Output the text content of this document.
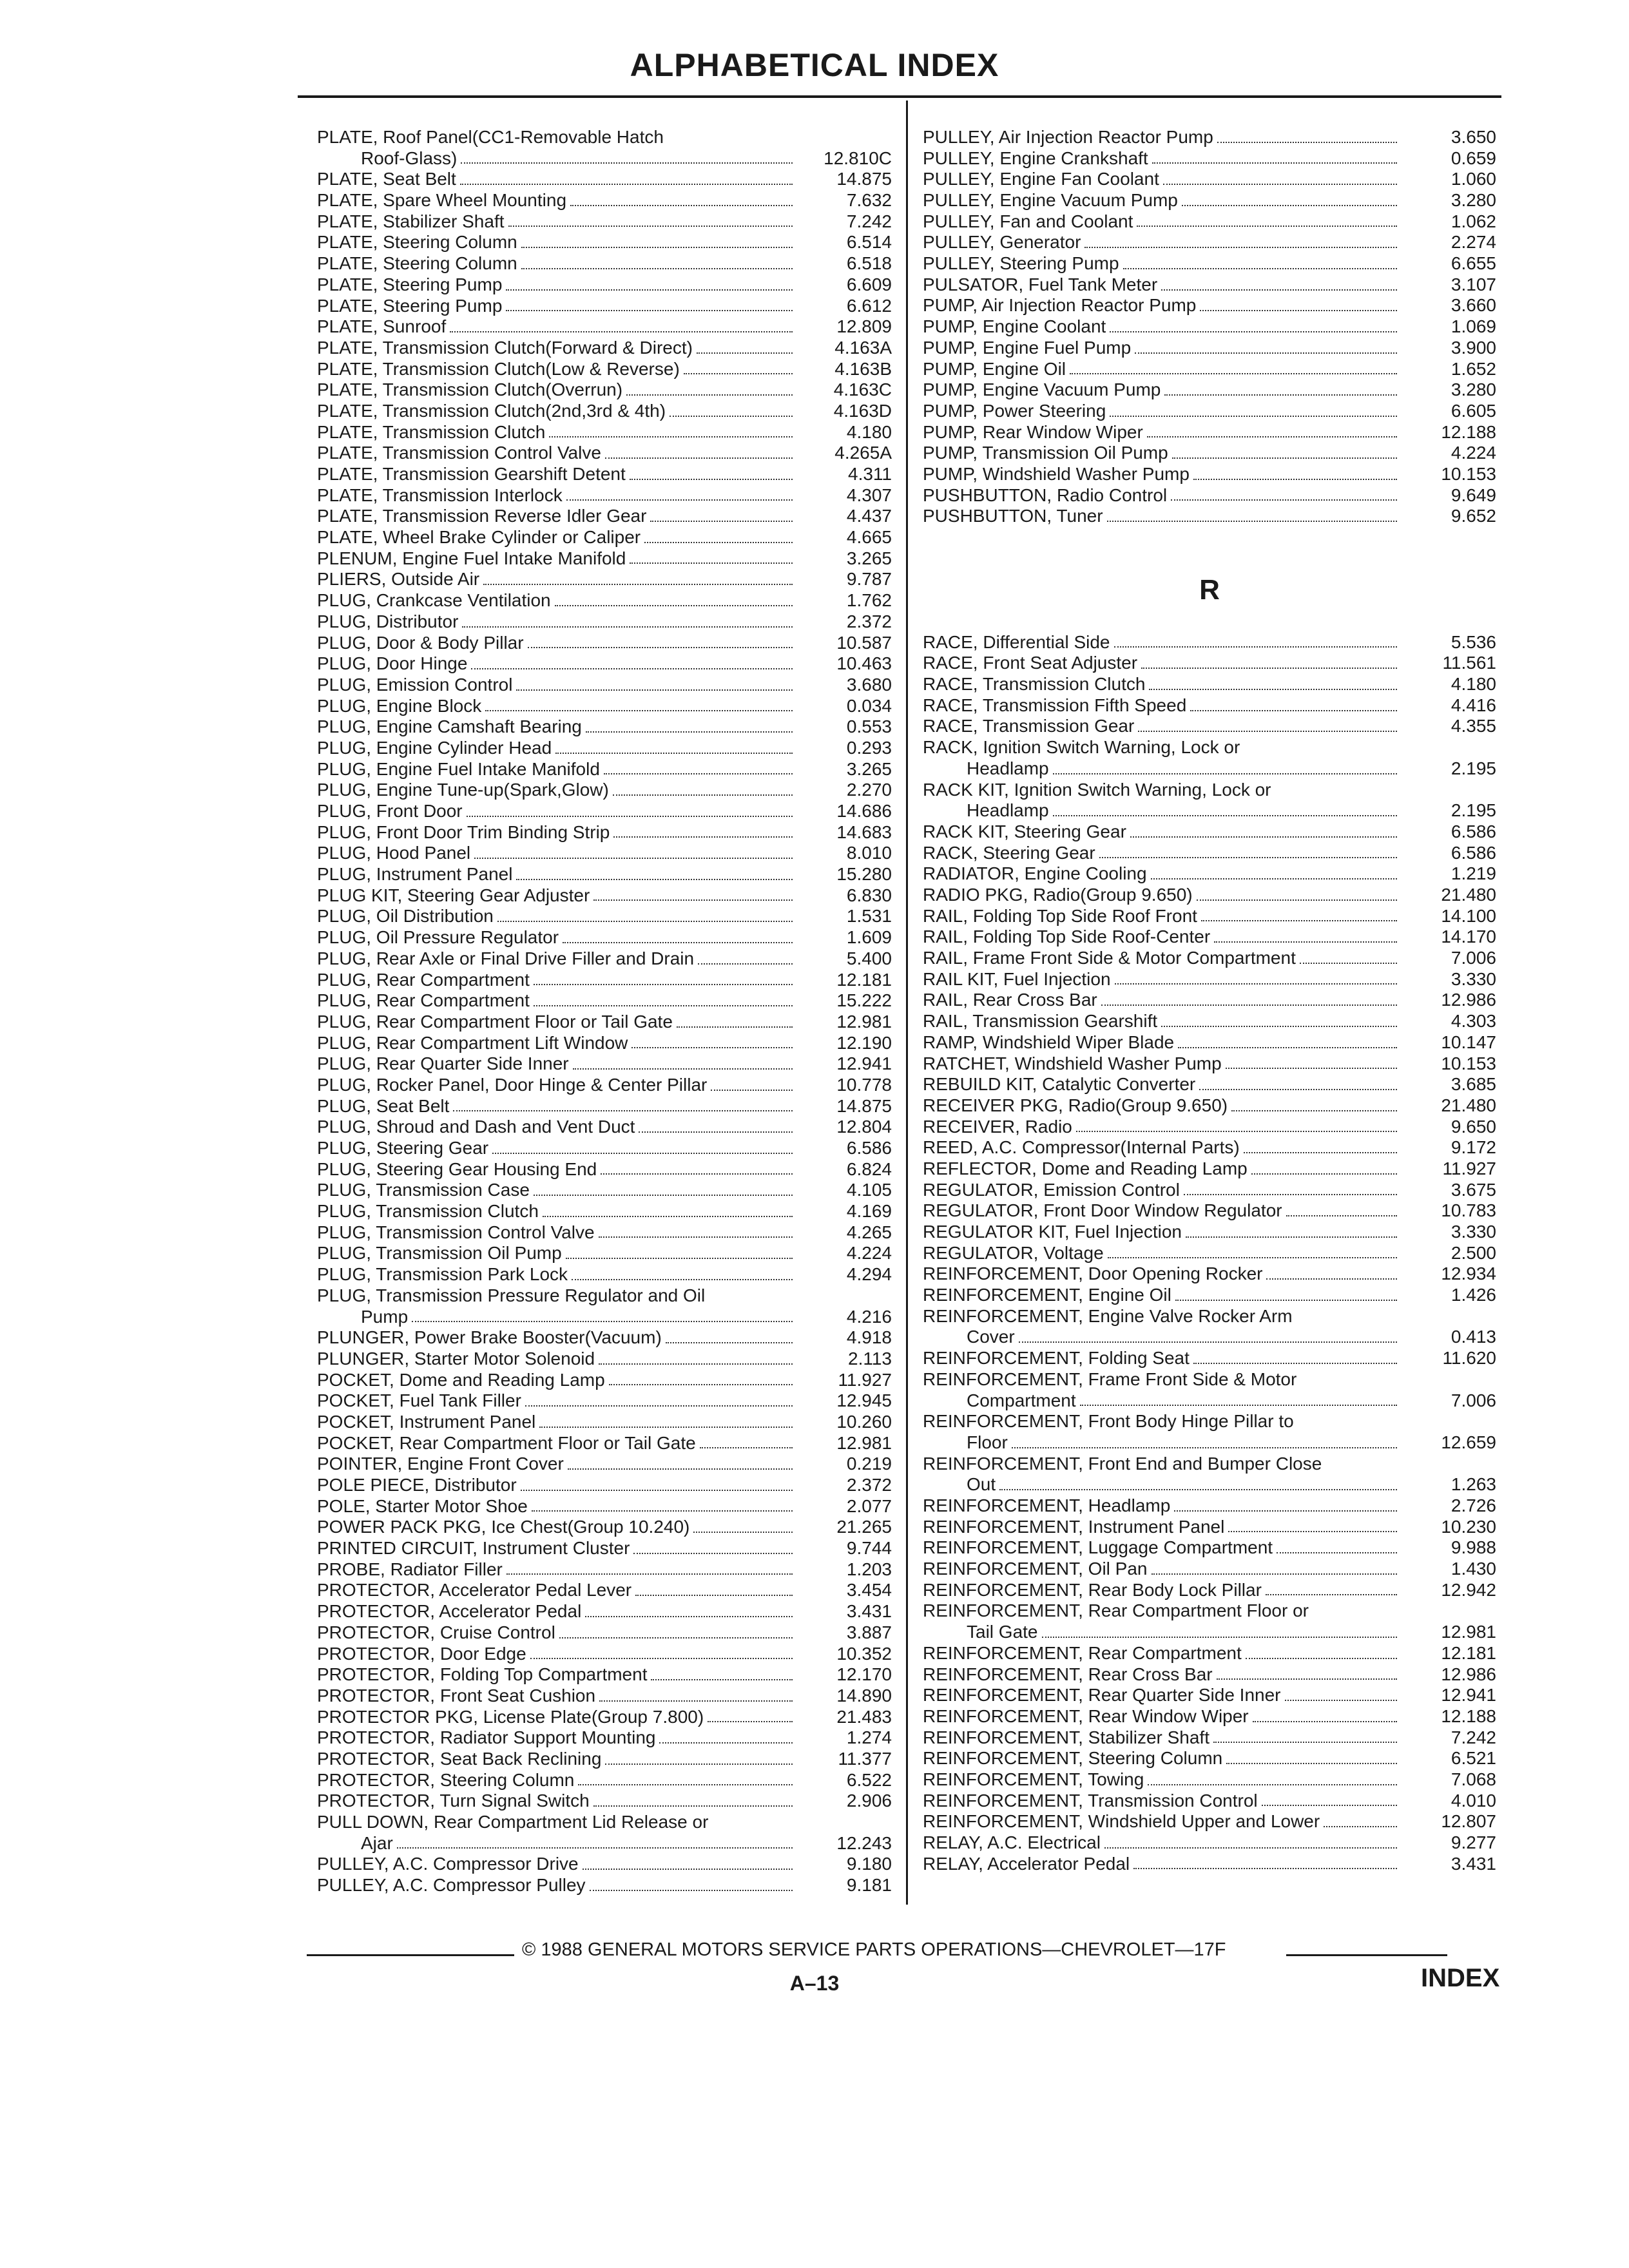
ALPHABETICAL INDEX
PLATE, Roof Panel(CC1-Removable Hatch
Roof-Glass)	12.810C
PLATE, Seat Belt	14.875
PLATE, Spare Wheel Mounting	7.632
PLATE, Stabilizer Shaft	7.242
PLATE, Steering Column	6.514
PLATE, Steering Column	6.518
PLATE, Steering Pump	6.609
PLATE, Steering Pump	6.612
PLATE, Sunroof	12.809
PLATE, Transmission Clutch(Forward & Direct)	4.163A
PLATE, Transmission Clutch(Low & Reverse)	4.163B
PLATE, Transmission Clutch(Overrun)	4.163C
PLATE, Transmission Clutch(2nd,3rd & 4th)	4.163D
PLATE, Transmission Clutch	4.180
PLATE, Transmission Control Valve	4.265A
PLATE, Transmission Gearshift Detent	4.311
PLATE, Transmission Interlock	4.307
PLATE, Transmission Reverse Idler Gear	4.437
PLATE, Wheel Brake Cylinder or Caliper	4.665
PLENUM, Engine Fuel Intake Manifold	3.265
PLIERS, Outside Air	9.787
PLUG, Crankcase Ventilation	1.762
PLUG, Distributor	2.372
PLUG, Door & Body Pillar	10.587
PLUG, Door Hinge	10.463
PLUG, Emission Control	3.680
PLUG, Engine Block	0.034
PLUG, Engine Camshaft Bearing	0.553
PLUG, Engine Cylinder Head	0.293
PLUG, Engine Fuel Intake Manifold	3.265
PLUG, Engine Tune-up(Spark,Glow)	2.270
PLUG, Front Door	14.686
PLUG, Front Door Trim Binding Strip	14.683
PLUG, Hood Panel	8.010
PLUG, Instrument Panel	15.280
PLUG KIT, Steering Gear Adjuster	6.830
PLUG, Oil Distribution	1.531
PLUG, Oil Pressure Regulator	1.609
PLUG, Rear Axle or Final Drive Filler and Drain	5.400
PLUG, Rear Compartment	12.181
PLUG, Rear Compartment	15.222
PLUG, Rear Compartment Floor or Tail Gate	12.981
PLUG, Rear Compartment Lift Window	12.190
PLUG, Rear Quarter Side Inner	12.941
PLUG, Rocker Panel, Door Hinge & Center Pillar	10.778
PLUG, Seat Belt	14.875
PLUG, Shroud and Dash and Vent Duct	12.804
PLUG, Steering Gear	6.586
PLUG, Steering Gear Housing End	6.824
PLUG, Transmission Case	4.105
PLUG, Transmission Clutch	4.169
PLUG, Transmission Control Valve	4.265
PLUG, Transmission Oil Pump	4.224
PLUG, Transmission Park Lock	4.294
PLUG, Transmission Pressure Regulator and Oil
Pump	4.216
PLUNGER, Power Brake Booster(Vacuum)	4.918
PLUNGER, Starter Motor Solenoid	2.113
POCKET, Dome and Reading Lamp	11.927
POCKET, Fuel Tank Filler	12.945
POCKET, Instrument Panel	10.260
POCKET, Rear Compartment Floor or Tail Gate	12.981
POINTER, Engine Front Cover	0.219
POLE PIECE, Distributor	2.372
POLE, Starter Motor Shoe	2.077
POWER PACK PKG, Ice Chest(Group 10.240)	21.265
PRINTED CIRCUIT, Instrument Cluster	9.744
PROBE, Radiator Filler	1.203
PROTECTOR, Accelerator Pedal Lever	3.454
PROTECTOR, Accelerator Pedal	3.431
PROTECTOR, Cruise Control	3.887
PROTECTOR, Door Edge	10.352
PROTECTOR, Folding Top Compartment	12.170
PROTECTOR, Front Seat Cushion	14.890
PROTECTOR PKG, License Plate(Group 7.800)	21.483
PROTECTOR, Radiator Support Mounting	1.274
PROTECTOR, Seat Back Reclining	11.377
PROTECTOR, Steering Column	6.522
PROTECTOR, Turn Signal Switch	2.906
PULL DOWN, Rear Compartment Lid Release or
Ajar	12.243
PULLEY, A.C. Compressor Drive	9.180
PULLEY, A.C. Compressor Pulley	9.181
PULLEY, Air Injection Reactor Pump	3.650
PULLEY, Engine Crankshaft	0.659
PULLEY, Engine Fan Coolant	1.060
PULLEY, Engine Vacuum Pump	3.280
PULLEY, Fan and Coolant	1.062
PULLEY, Generator	2.274
PULLEY, Steering Pump	6.655
PULSATOR, Fuel Tank Meter	3.107
PUMP, Air Injection Reactor Pump	3.660
PUMP, Engine Coolant	1.069
PUMP, Engine Fuel Pump	3.900
PUMP, Engine Oil	1.652
PUMP, Engine Vacuum Pump	3.280
PUMP, Power Steering	6.605
PUMP, Rear Window Wiper	12.188
PUMP, Transmission Oil Pump	4.224
PUMP, Windshield Washer Pump	10.153
PUSHBUTTON, Radio Control	9.649
PUSHBUTTON, Tuner	9.652
R
RACE, Differential Side	5.536
RACE, Front Seat Adjuster	11.561
RACE, Transmission Clutch	4.180
RACE, Transmission Fifth Speed	4.416
RACE, Transmission Gear	4.355
RACK, Ignition Switch Warning, Lock or
Headlamp	2.195
RACK KIT, Ignition Switch Warning, Lock or
Headlamp	2.195
RACK KIT, Steering Gear	6.586
RACK, Steering Gear	6.586
RADIATOR, Engine Cooling	1.219
RADIO PKG, Radio(Group 9.650)	21.480
RAIL, Folding Top Side Roof Front	14.100
RAIL, Folding Top Side Roof-Center	14.170
RAIL, Frame Front Side & Motor Compartment	7.006
RAIL KIT, Fuel Injection	3.330
RAIL, Rear Cross Bar	12.986
RAIL, Transmission Gearshift	4.303
RAMP, Windshield Wiper Blade	10.147
RATCHET, Windshield Washer Pump	10.153
REBUILD KIT, Catalytic Converter	3.685
RECEIVER PKG, Radio(Group 9.650)	21.480
RECEIVER, Radio	9.650
REED, A.C. Compressor(Internal Parts)	9.172
REFLECTOR, Dome and Reading Lamp	11.927
REGULATOR, Emission Control	3.675
REGULATOR, Front Door Window Regulator	10.783
REGULATOR KIT, Fuel Injection	3.330
REGULATOR, Voltage	2.500
REINFORCEMENT, Door Opening Rocker	12.934
REINFORCEMENT, Engine Oil	1.426
REINFORCEMENT, Engine Valve Rocker Arm
Cover	0.413
REINFORCEMENT, Folding Seat	11.620
REINFORCEMENT, Frame Front Side & Motor
Compartment	7.006
REINFORCEMENT, Front Body Hinge Pillar to
Floor	12.659
REINFORCEMENT, Front End and Bumper Close
Out	1.263
REINFORCEMENT, Headlamp	2.726
REINFORCEMENT, Instrument Panel	10.230
REINFORCEMENT, Luggage Compartment	9.988
REINFORCEMENT, Oil Pan	1.430
REINFORCEMENT, Rear Body Lock Pillar	12.942
REINFORCEMENT, Rear Compartment Floor or
Tail Gate	12.981
REINFORCEMENT, Rear Compartment	12.181
REINFORCEMENT, Rear Cross Bar	12.986
REINFORCEMENT, Rear Quarter Side Inner	12.941
REINFORCEMENT, Rear Window Wiper	12.188
REINFORCEMENT, Stabilizer Shaft	7.242
REINFORCEMENT, Steering Column	6.521
REINFORCEMENT, Towing	7.068
REINFORCEMENT, Transmission Control	4.010
REINFORCEMENT, Windshield Upper and Lower	12.807
RELAY, A.C. Electrical	9.277
RELAY, Accelerator Pedal	3.431
© 1988 GENERAL MOTORS SERVICE PARTS OPERATIONS—CHEVROLET—17F
A–13	INDEX
